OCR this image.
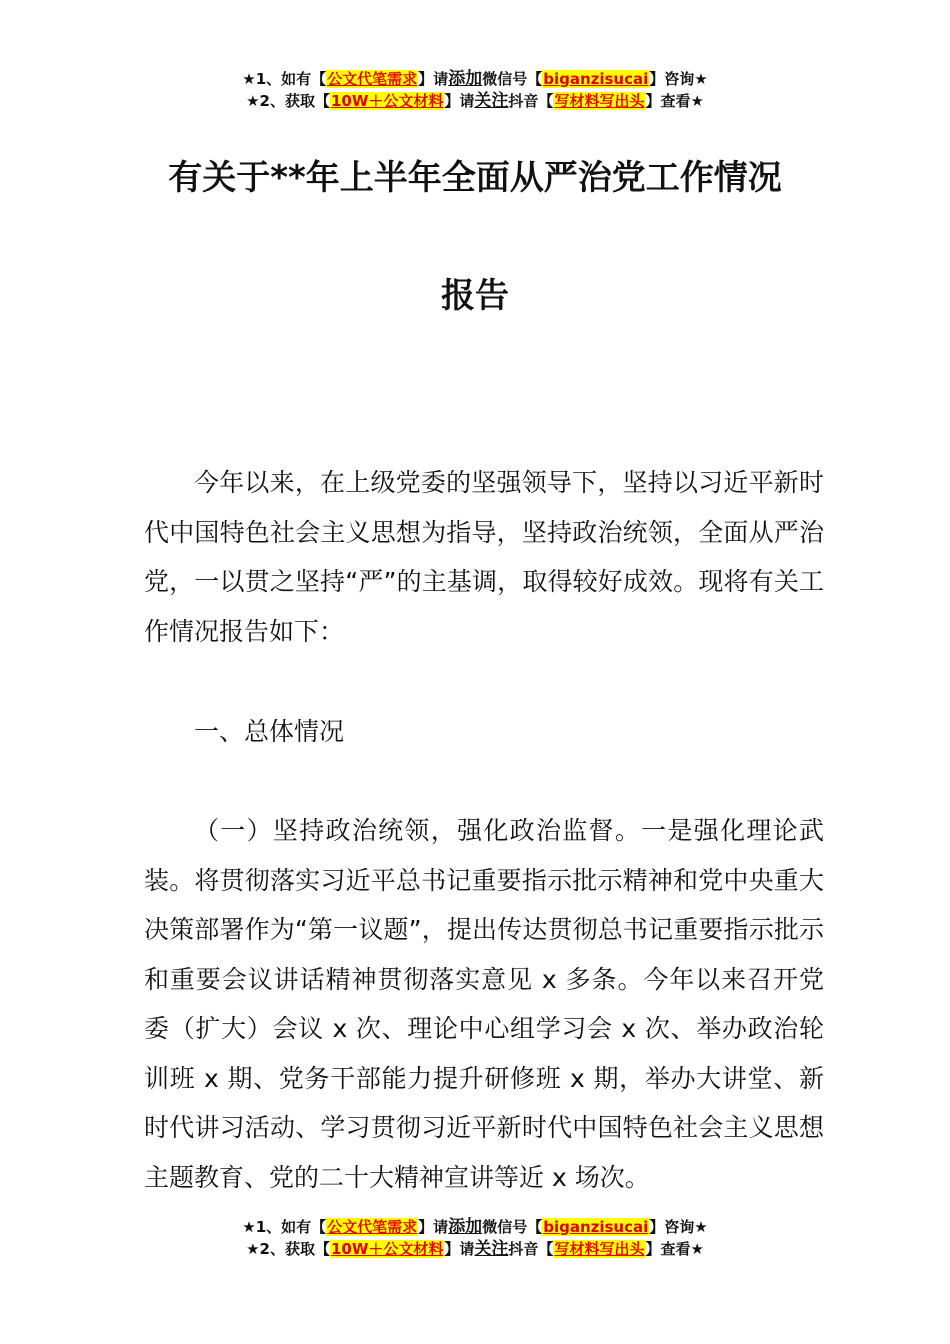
★1、如有【公文代笔需求】请添加微信号【biganzisucai】咨询★
★2、获取【10W＋公文材料】请关注抖音【写材料写出头】查看★
有关于**年上半年全面从严治党工作情况
报告
今年以来，在上级党委的坚强领导下，坚持以习近平新时代中国特色社会主义思想为指导，坚持政治统领，全面从严治党，一以贯之坚持“严”的主基调，取得较好成效。现将有关工作情况报告如下：
一、总体情况
（一）坚持政治统领，强化政治监督。一是强化理论武装。将贯彻落实习近平总书记重要指示批示精神和党中央重大决策部署作为“第一议题”，提出传达贯彻总书记重要指示批示和重要会议讲话精神贯彻落实意见 x 多条。今年以来召开党委（扩大）会议 x 次、理论中心组学习会 x 次、举办政治轮训班 x 期、党务干部能力提升研修班 x 期，举办大讲堂、新时代讲习活动、学习贯彻习近平新时代中国特色社会主义思想主题教育、党的二十大精神宣讲等近 x 场次。
★1、如有【公文代笔需求】请添加微信号【biganzisucai】咨询★
★2、获取【10W＋公文材料】请关注抖音【写材料写出头】查看★
